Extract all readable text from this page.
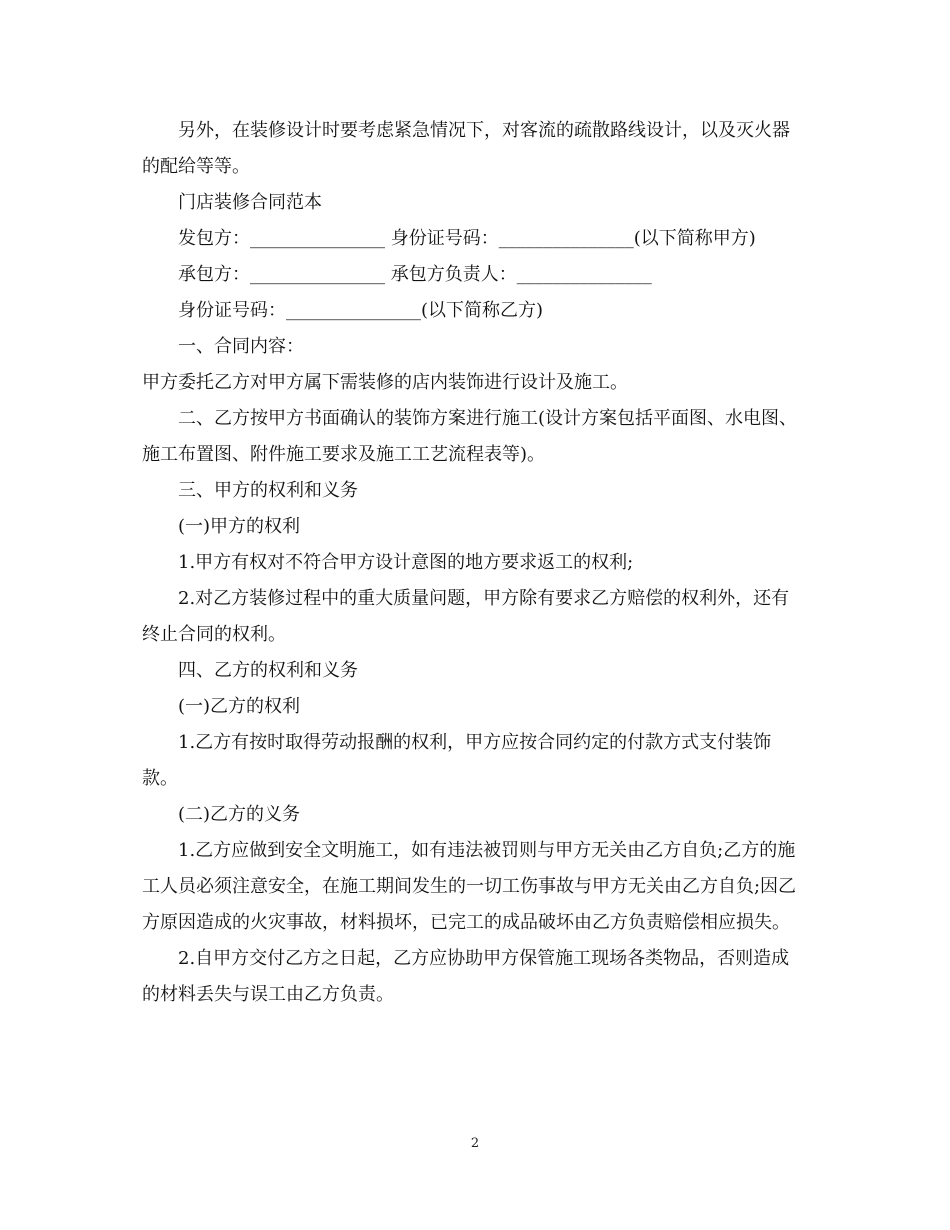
另外，在装修设计时要考虑紧急情况下，对客流的疏散路线设计，以及灭火器的配给等等。

门店装修合同范本

发包方：_______________ 身份证号码：_______________(以下简称甲方)

承包方：_______________ 承包方负责人：_______________

身份证号码：_______________(以下简称乙方)

一、合同内容：

甲方委托乙方对甲方属下需装修的店内装饰进行设计及施工。

二、乙方按甲方书面确认的装饰方案进行施工(设计方案包括平面图、水电图、施工布置图、附件施工要求及施工工艺流程表等)。

三、甲方的权利和义务

(一)甲方的权利

1.甲方有权对不符合甲方设计意图的地方要求返工的权利;

2.对乙方装修过程中的重大质量问题，甲方除有要求乙方赔偿的权利外，还有终止合同的权利。

四、乙方的权利和义务

(一)乙方的权利

1.乙方有按时取得劳动报酬的权利，甲方应按合同约定的付款方式支付装饰款。

(二)乙方的义务

1.乙方应做到安全文明施工，如有违法被罚则与甲方无关由乙方自负;乙方的施工人员必须注意安全，在施工期间发生的一切工伤事故与甲方无关由乙方自负;因乙方原因造成的火灾事故，材料损坏，已完工的成品破坏由乙方负责赔偿相应损失。

2.自甲方交付乙方之日起，乙方应协助甲方保管施工现场各类物品，否则造成的材料丢失与误工由乙方负责。

2
